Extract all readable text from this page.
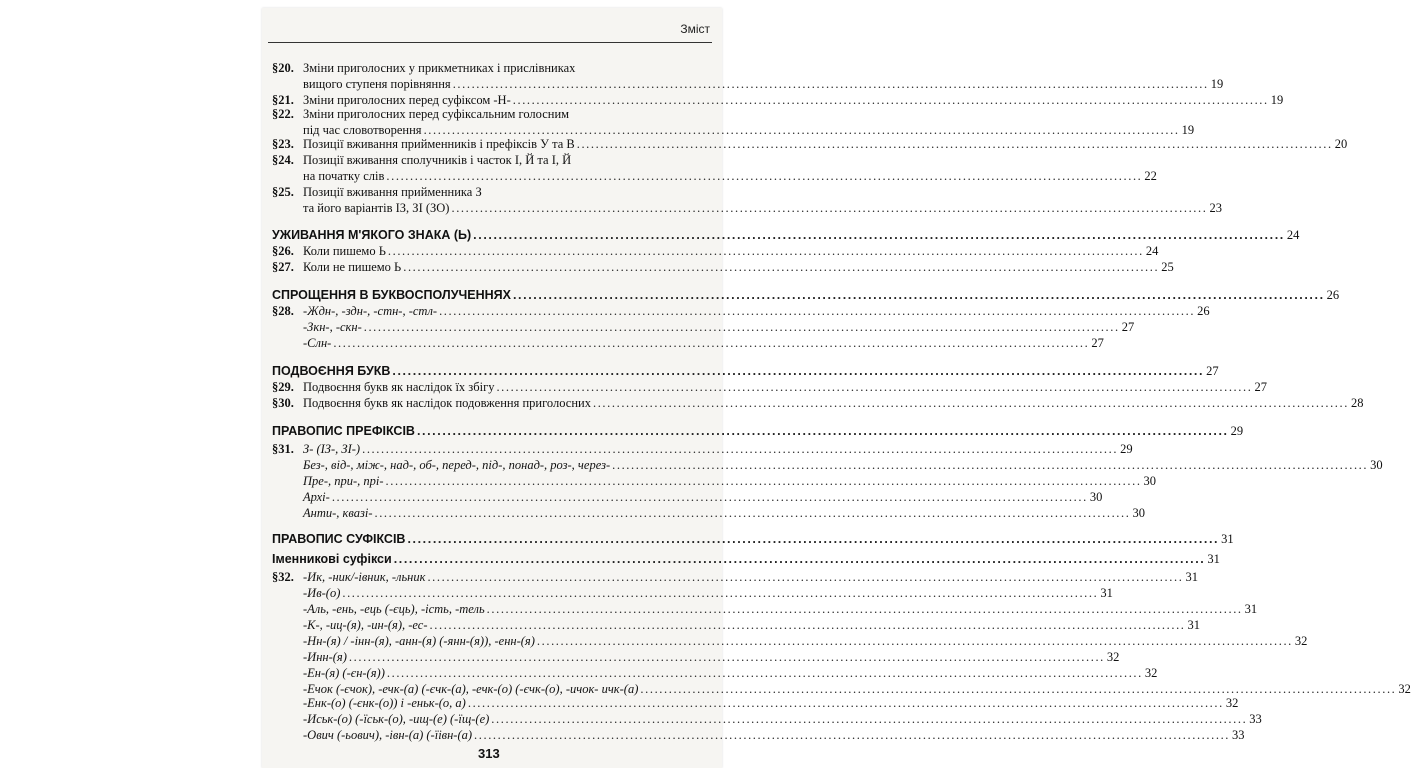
Зміст
§20. Зміни приголосних у прикметниках і прислівниках
вищого ступеня порівняння ................................................................................................................................................................ 19
§21. Зміни приголосних перед суфіксом -Н- ................................................................................................................................................................ 19
§22. Зміни приголосних перед суфіксальним голосним
під час словотворення ................................................................................................................................................................ 19
§23. Позиції вживання прийменників і префіксів У та В ................................................................................................................................................................ 20
§24. Позиції вживання сполучників і часток І, Й та І, Й
на початку слів ................................................................................................................................................................ 22
§25. Позиції вживання прийменника З
та його варіантів ІЗ, ЗІ (ЗО) ................................................................................................................................................................ 23
УЖИВАННЯ М'ЯКОГО ЗНАКА (Ь) ................................................................................................................................................................ 24
§26. Коли пишемо Ь ................................................................................................................................................................ 24
§27. Коли не пишемо Ь ................................................................................................................................................................ 25
СПРОЩЕННЯ В БУКВОСПОЛУЧЕННЯХ ................................................................................................................................................................ 26
§28. -Ждн-, -здн-, -стн-, -стл- ................................................................................................................................................................ 26
-Зкн-, -скн- ................................................................................................................................................................ 27
-Слн- ................................................................................................................................................................ 27
ПОДВОЄННЯ БУКВ ................................................................................................................................................................ 27
§29. Подвоєння букв як наслідок їх збігу ................................................................................................................................................................ 27
§30. Подвоєння букв як наслідок подовження приголосних ................................................................................................................................................................ 28
ПРАВОПИС ПРЕФІКСІВ ................................................................................................................................................................ 29
§31. З- (ІЗ-, ЗІ-) ................................................................................................................................................................ 29
Без-, від-, між-, над-, об-, перед-, під-, понад-, роз-, через- ................................................................................................................................................................ 30
Пре-, при-, прі- ................................................................................................................................................................ 30
Архі- ................................................................................................................................................................ 30
Анти-, квазі- ................................................................................................................................................................ 30
ПРАВОПИС СУФІКСІВ ................................................................................................................................................................ 31
Іменникові суфікси ................................................................................................................................................................ 31
§32. -Ик, -ник/-івник, -льник ................................................................................................................................................................ 31
-Ив-(о) ................................................................................................................................................................ 31
-Аль, -ень, -ець (-єць), -ість, -тель ................................................................................................................................................................ 31
-К-, -иц-(я), -ин-(я), -ес- ................................................................................................................................................................ 31
-Нн-(я) / -інн-(я), -анн-(я) (-янн-(я)), -енн-(я) ................................................................................................................................................................ 32
-Инн-(я) ................................................................................................................................................................ 32
-Ен-(я) (-єн-(я)) ................................................................................................................................................................ 32
-Ечок (-єчок), -ечк-(а) (-єчк-(а), -ечк-(о) (-єчк-(о), -ичок- ичк-(а) ................................................................................................................................................................ 32
-Енк-(о) (-єнк-(о)) і -еньк-(о, а) ................................................................................................................................................................ 32
-Иськ-(о) (-їськ-(о), -ищ-(е) (-їщ-(е) ................................................................................................................................................................ 33
-Ович (-ьович), -івн-(а) (-їівн-(а) ................................................................................................................................................................ 33
313
